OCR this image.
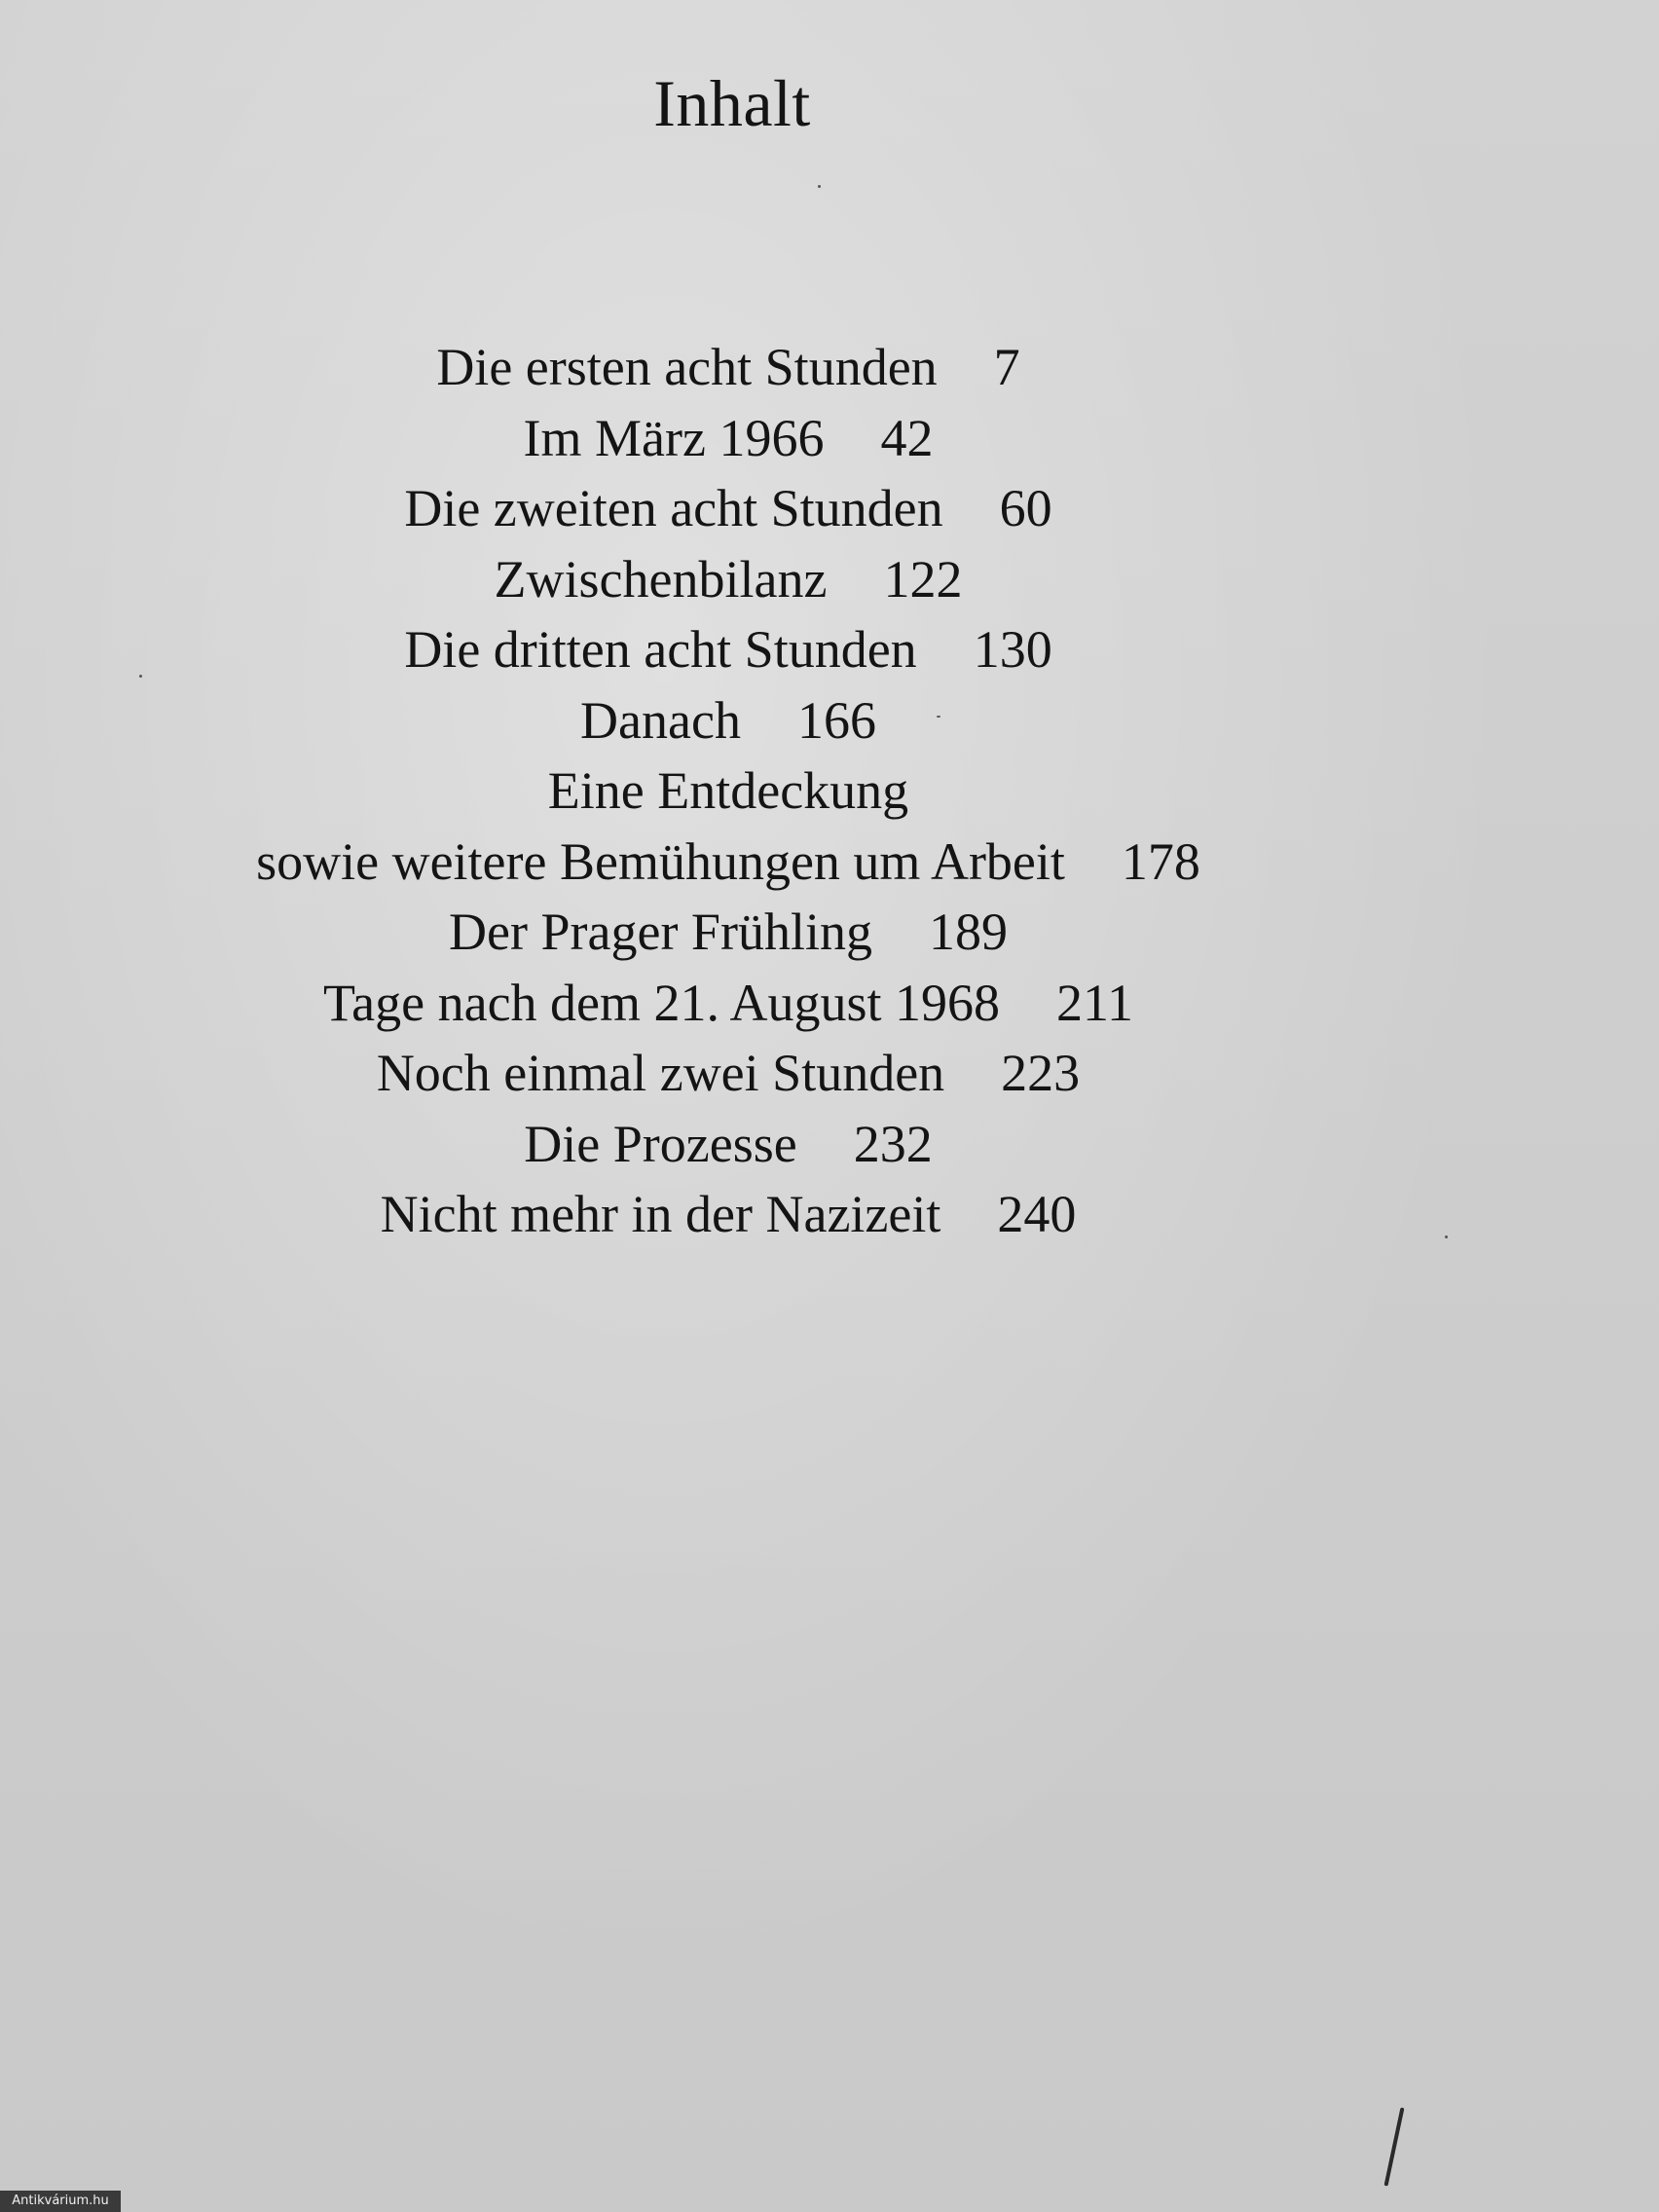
Inhalt
Die ersten acht Stunden 7
Im März 1966 42
Die zweiten acht Stunden 60
Zwischenbilanz 122
Die dritten acht Stunden 130
Danach 166
Eine Entdeckung
sowie weitere Bemühungen um Arbeit 178
Der Prager Frühling 189
Tage nach dem 21. August 1968 211
Noch einmal zwei Stunden 223
Die Prozesse 232
Nicht mehr in der Nazizeit 240
Antikvárium.hu
